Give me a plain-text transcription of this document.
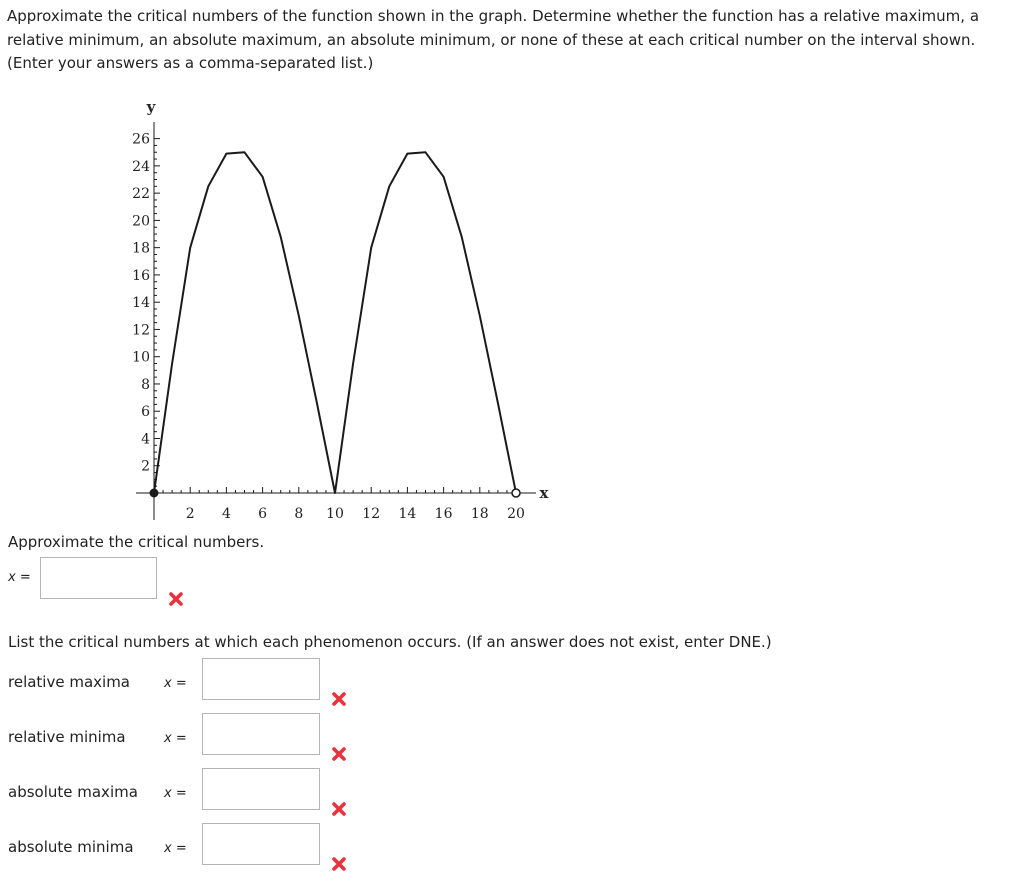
Approximate the critical numbers of the function shown in the graph. Determine whether the function has a relative maximum, a relative minimum, an absolute maximum, an absolute minimum, or none of these at each critical number on the interval shown. (Enter your answers as a comma-separated list.)

x
y
2 4 6 8 10 12 14 16 18 20
2
4
6
8
10
12
14
16
18
20
22
24
26

Approximate the critical numbers.

x =

List the critical numbers at which each phenomenon occurs. (If an answer does not exist, enter DNE.)

relative maxima	x =
relative minima	x =
absolute maxima x =
absolute minima x =
